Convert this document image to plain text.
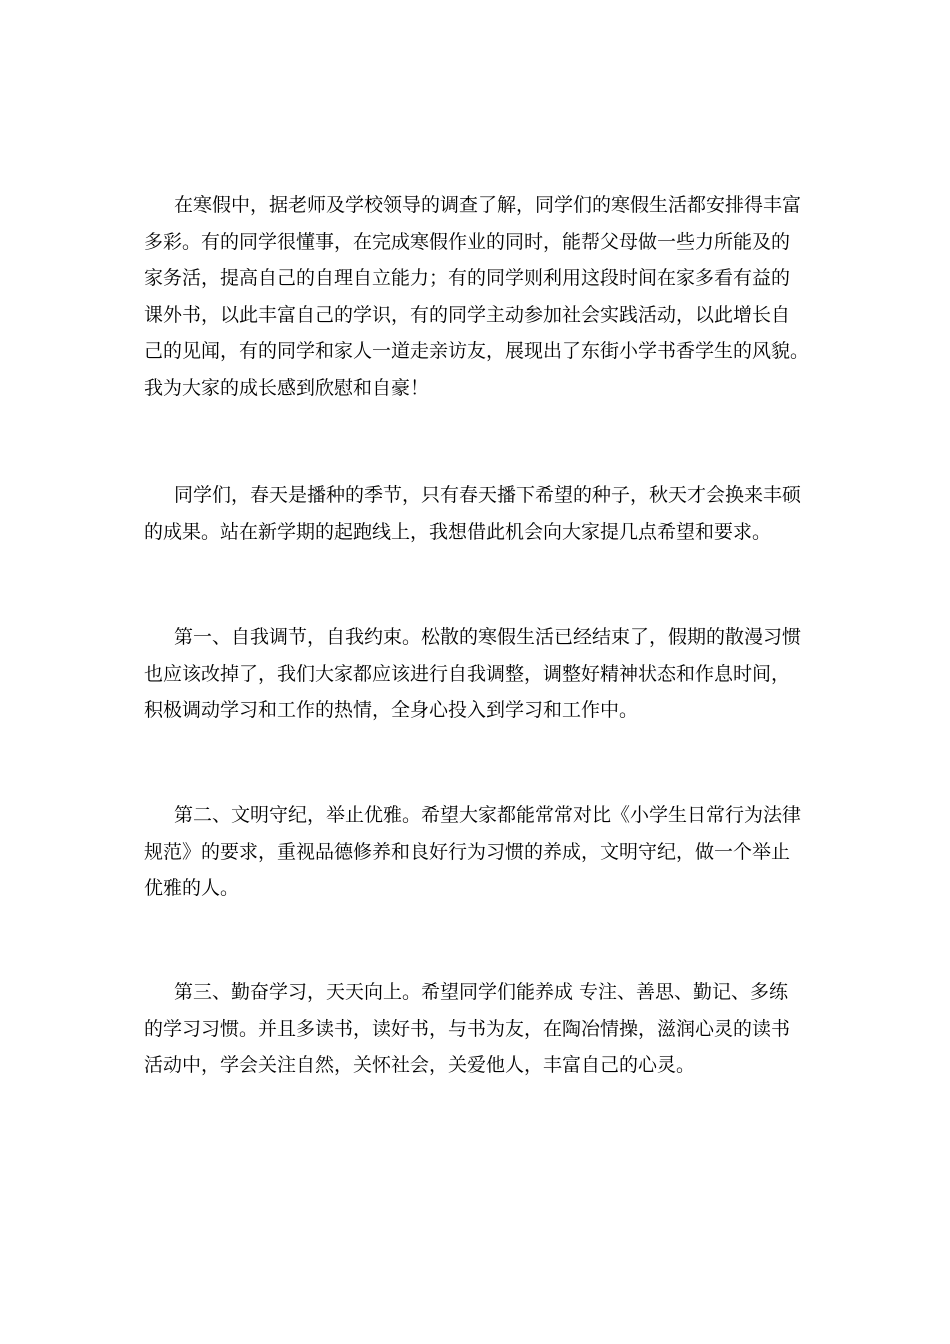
在寒假中，据老师及学校领导的调查了解，同学们的寒假生活都安排得丰富
多彩。有的同学很懂事，在完成寒假作业的同时，能帮父母做一些力所能及的
家务活，提高自己的自理自立能力；有的同学则利用这段时间在家多看有益的
课外书，以此丰富自己的学识，有的同学主动参加社会实践活动，以此增长自
己的见闻，有的同学和家人一道走亲访友，展现出了东街小学书香学生的风貌。
我为大家的成长感到欣慰和自豪！

同学们，春天是播种的季节，只有春天播下希望的种子，秋天才会换来丰硕
的成果。站在新学期的起跑线上，我想借此机会向大家提几点希望和要求。

第一、自我调节，自我约束。松散的寒假生活已经结束了，假期的散漫习惯
也应该改掉了，我们大家都应该进行自我调整，调整好精神状态和作息时间，
积极调动学习和工作的热情，全身心投入到学习和工作中。

第二、文明守纪，举止优雅。希望大家都能常常对比《小学生日常行为法律
规范》的要求，重视品德修养和良好行为习惯的养成，文明守纪，做一个举止
优雅的人。

第三、勤奋学习，天天向上。希望同学们能养成 专注、善思、勤记、多练
的学习习惯。并且多读书，读好书，与书为友，在陶冶情操，滋润心灵的读书
活动中，学会关注自然，关怀社会，关爱他人，丰富自己的心灵。
